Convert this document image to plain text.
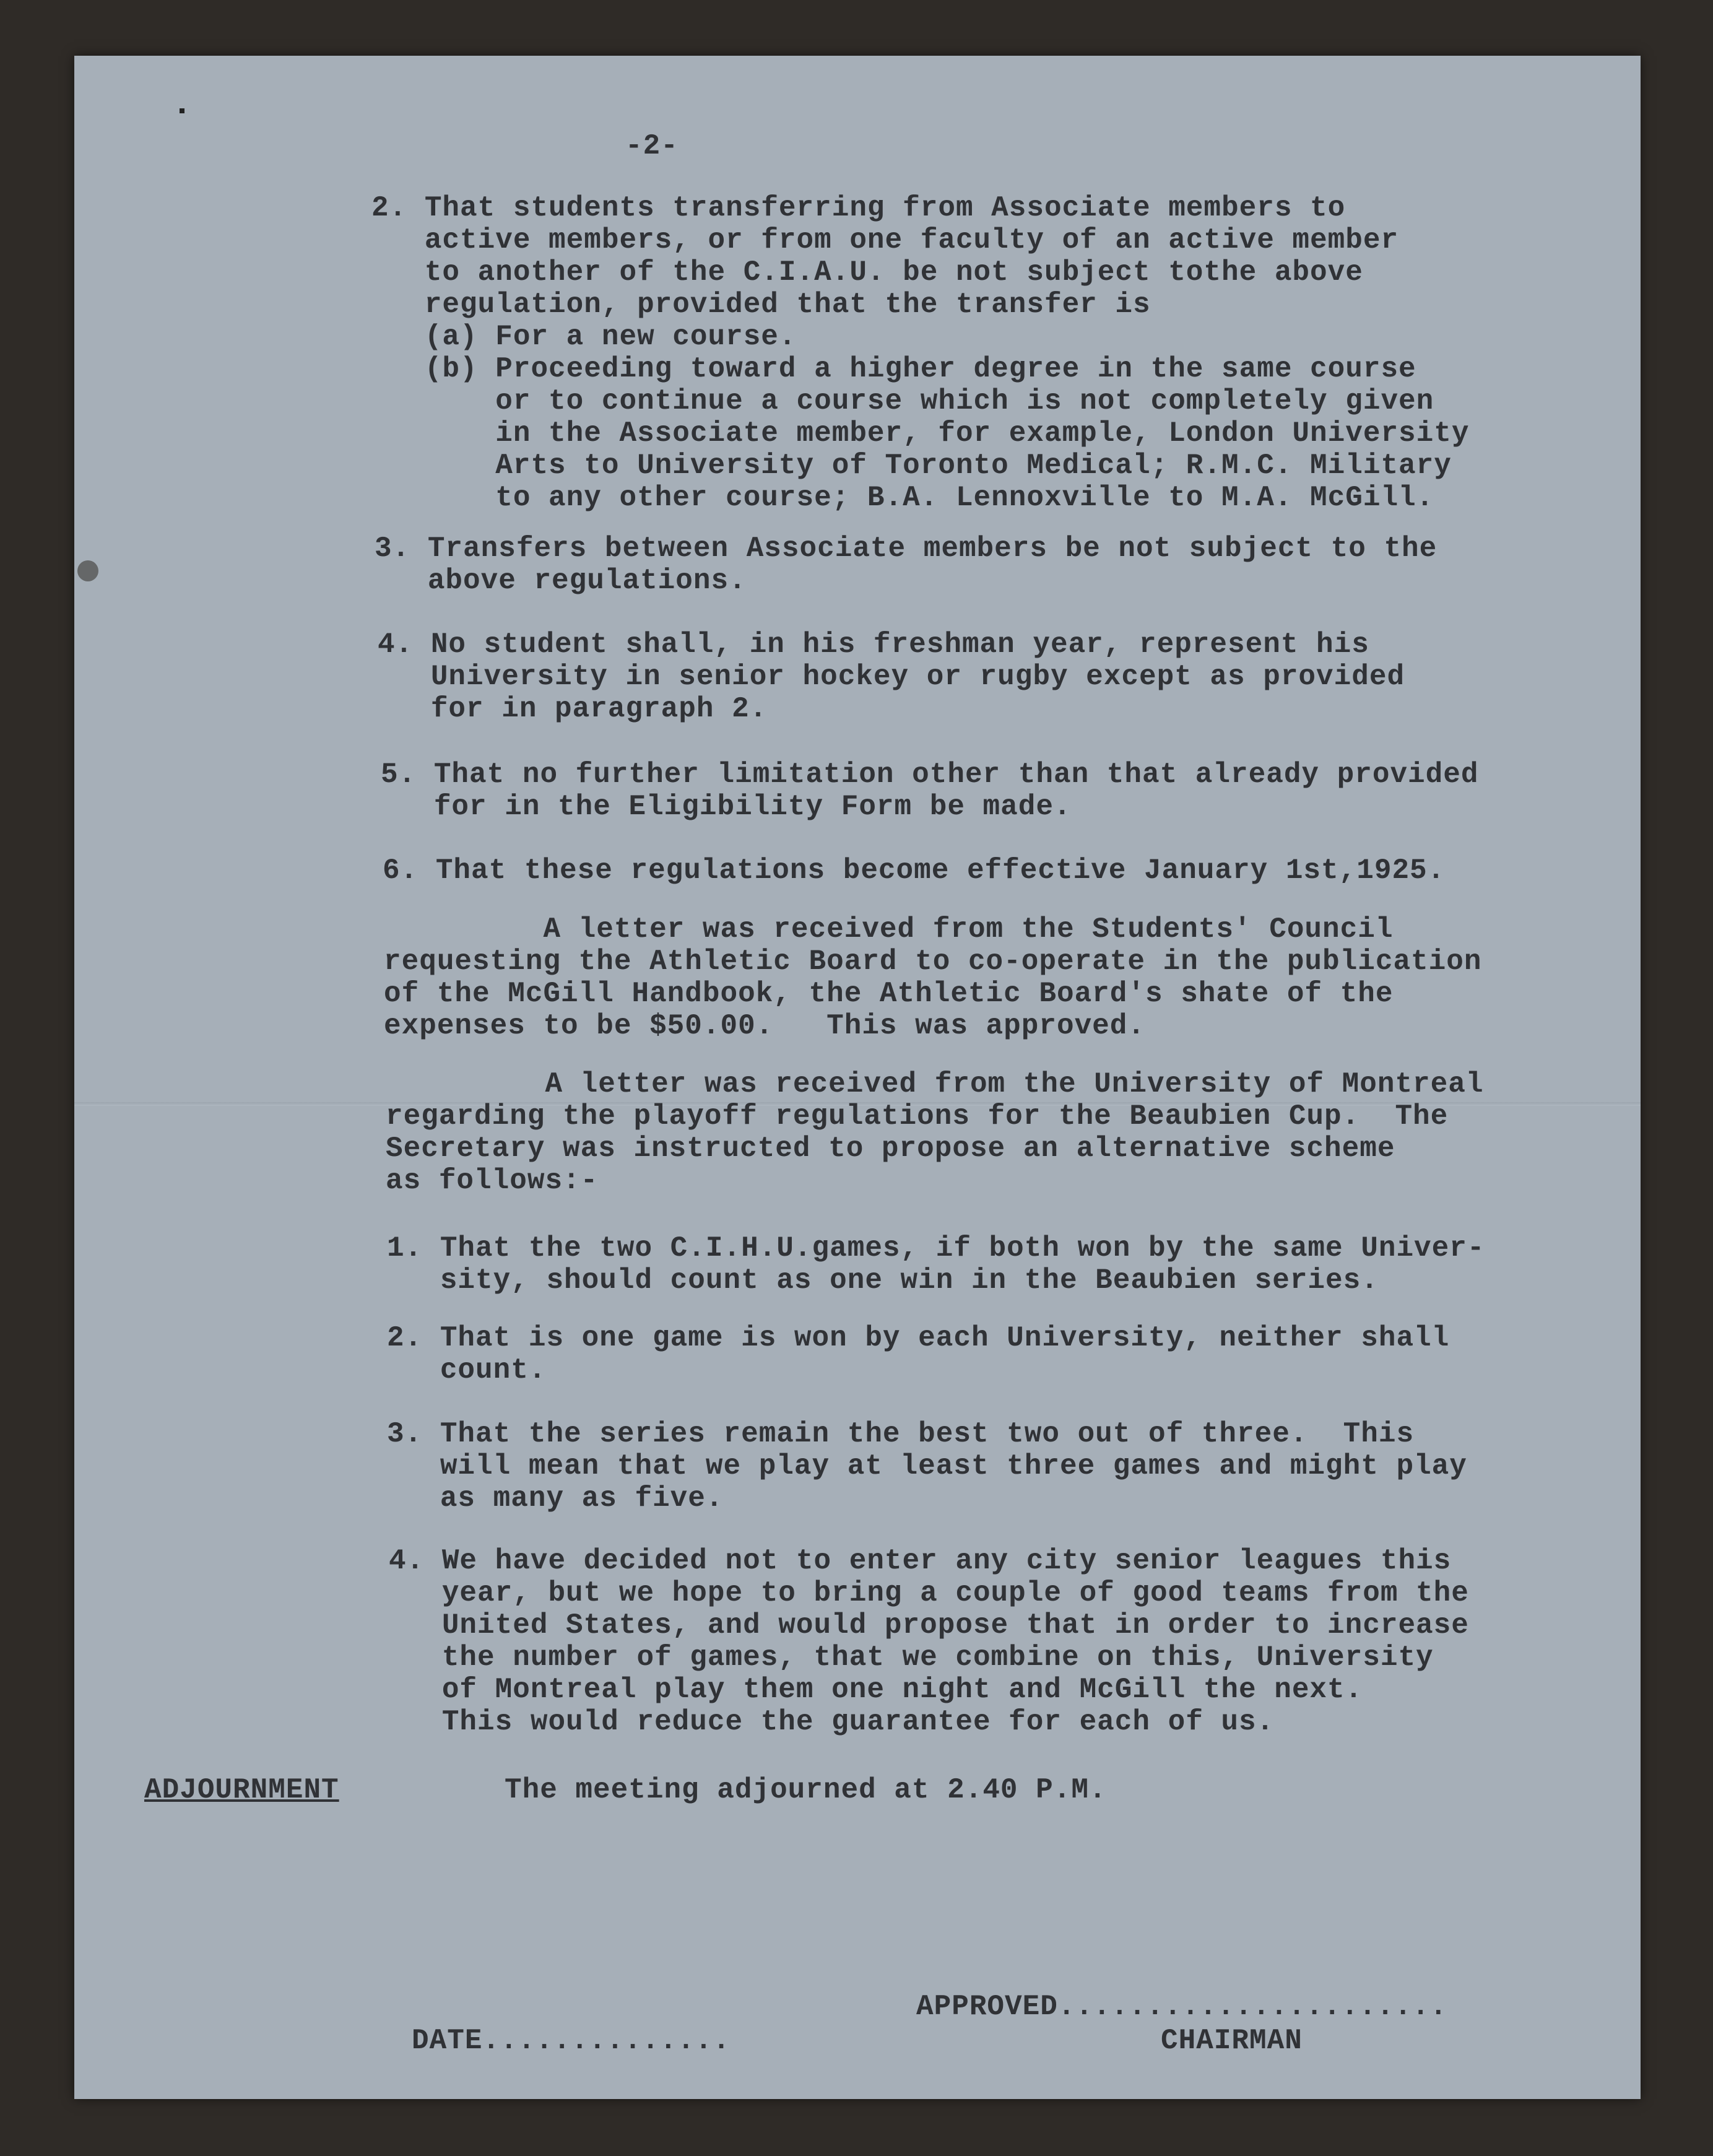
-2-

2. That students transferring from Associate members to
active members, or from one faculty of an active member
to another of the C.I.A.U. be not subject tothe above
regulation, provided that the transfer is
(a) For a new course.
(b) Proceeding toward a higher degree in the same course
or to continue a course which is not completely given
in the Associate member, for example, London University
Arts to University of Toronto Medical; R.M.C. Military
to any other course; B.A. Lennoxville to M.A. McGill.

3. Transfers between Associate members be not subject to the
above regulations.

4. No student shall, in his freshman year, represent his
University in senior hockey or rugby except as provided
for in paragraph 2.

5. That no further limitation other than that already provided
for in the Eligibility Form be made.

6. That these regulations become effective January 1st,1925.

A letter was received from the Students' Council
requesting the Athletic Board to co-operate in the publication
of the McGill Handbook, the Athletic Board's shate of the
expenses to be $50.00.   This was approved.

A letter was received from the University of Montreal
regarding the playoff regulations for the Beaubien Cup.  The
Secretary was instructed to propose an alternative scheme
as follows:-

1. That the two C.I.H.U.games, if both won by the same Univer-
sity, should count as one win in the Beaubien series.

2. That is one game is won by each University, neither shall
count.

3. That the series remain the best two out of three.  This
will mean that we play at least three games and might play
as many as five.

4. We have decided not to enter any city senior leagues this
year, but we hope to bring a couple of good teams from the
United States, and would propose that in order to increase
the number of games, that we combine on this, University
of Montreal play them one night and McGill the next.
This would reduce the guarantee for each of us.

ADJOURNMENT	The meeting adjourned at 2.40 P.M.

APPROVED......................

DATE..............	CHAIRMAN
